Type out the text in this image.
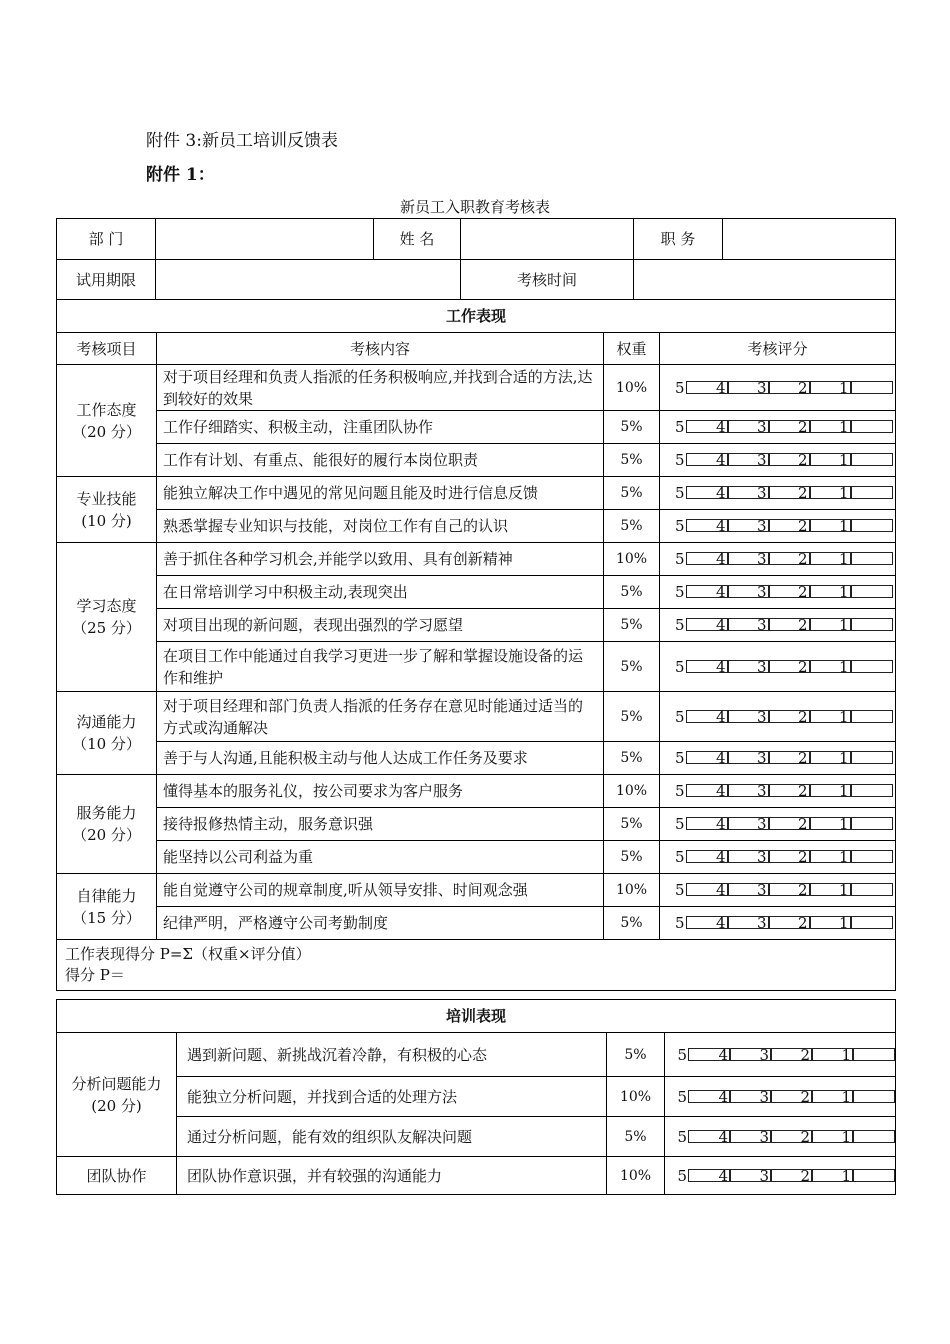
附件 3:新员工培训反馈表
附件 1：
新员工入职教育考核表
部 门		姓 名		职 务	
试用期限			考核时间		
工作表现			
考核项目	考核内容	权重	考核评分

工作态度
（20 分）	对于项目经理和负责人指派的任务积极响应,并找到合适的方法,达到较好的效果	10%	5 4 3 2 1
	工作仔细踏实、积极主动，注重团队协作	5%	5 4 3 2 1
	工作有计划、有重点、能很好的履行本岗位职责	5%	5 4 3 2 1

专业技能
(10 分)	能独立解决工作中遇见的常见问题且能及时进行信息反馈	5%	5 4 3 2 1
	熟悉掌握专业知识与技能，对岗位工作有自己的认识	5%	5 4 3 2 1

学习态度
（25 分）	善于抓住各种学习机会,并能学以致用、具有创新精神	10%	5 4 3 2 1
	在日常培训学习中积极主动,表现突出	5%	5 4 3 2 1
	对项目出现的新问题，表现出强烈的学习愿望	5%	5 4 3 2 1
	在项目工作中能通过自我学习更进一步了解和掌握设施设备的运作和维护	5%	5 4 3 2 1

沟通能力
（10 分）	对于项目经理和部门负责人指派的任务存在意见时能通过适当的方式或沟通解决	5%	5 4 3 2 1
	善于与人沟通,且能积极主动与他人达成工作任务及要求	5%	5 4 3 2 1

服务能力
（20 分）	懂得基本的服务礼仪，按公司要求为客户服务	10%	5 4 3 2 1
	接待报修热情主动，服务意识强	5%	5 4 3 2 1
	能坚持以公司利益为重	5%	5 4 3 2 1

自律能力
（15 分）	能自觉遵守公司的规章制度,听从领导安排、时间观念强	10%	5 4 3 2 1
	纪律严明，严格遵守公司考勤制度	5%	5 4 3 2 1

工作表现得分 P=Σ（权重×评分值）
得分 P＝			
培训表现			

分析问题能力
(20 分)	遇到新问题、新挑战沉着冷静，有积极的心态	5%	5 4 3 2 1
	能独立分析问题，并找到合适的处理方法	10%	5 4 3 2 1
	通过分析问题，能有效的组织队友解决问题	5%	5 4 3 2 1

团队协作	团队协作意识强，并有较强的沟通能力	10%	5 4 3 2 1
